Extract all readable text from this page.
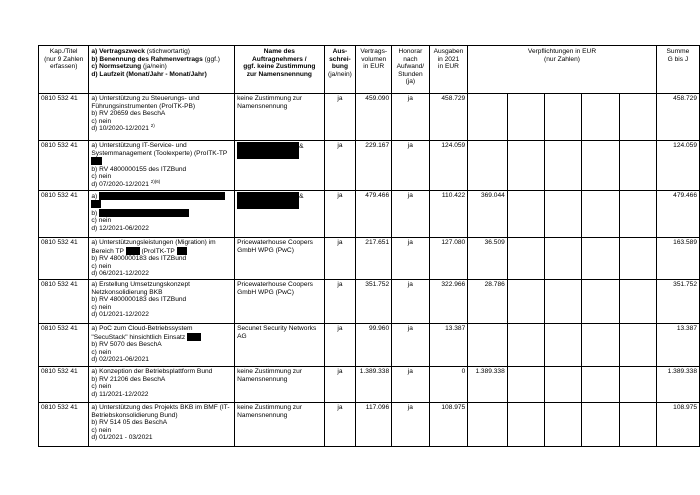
Kap./Titel
(nur 9 Zahlen
erfassen)	a) Vertragszweck (stichwortartig)
b) Benennung des Rahmenvertrags (ggf.)
c) Normsetzung (ja/nein)
d) Laufzeit (Monat/Jahr - Monat/Jahr)	Name des
Auftragnehmers /
ggf. keine Zustimmung
zur Namensnennung	Aus-
schrei-
bung
(ja/nein)	Vertrags-
volumen
in EUR	Honorar
nach
Aufwand/
Stunden
(ja)	Ausgaben
in 2021
in EUR	Verpflichtungen in EUR
(nur Zahlen)					Summe
G bis J

0810 532 41	a) Unterstützung zu Steuerungs- und
Führungsinstrumenten (ProITK-PB)
b) RV 20659 des BeschA
c) nein
d) 10/2020-12/2021 $^{2)}$	keine Zustimmung zur
Namensnennung	ja	459.090	ja	458.729						458.729
0810 532 41	a) Unterstützung IT-Service- und
Systemmanagement (Toolexperte) (ProITK-TP
b) RV 4800000155 des ITZBund
c) nein
d) 07/2020-12/2021 $^{2)(6)}$	&	ja	229.167	ja	124.059						124.059
0810 532 41	a)
b)
c) nein
d) 12/2021-06/2022	&	ja	479.466	ja	110.422	369.044					479.466
0810 532 41	a) Unterstützungsleistungen (Migration) im
Bereich TP  (ProITK-TP
b) RV 4800000183 des ITZBund
c) nein
d) 06/2021-12/2022	Pricewaterhouse Coopers
GmbH WPG (PwC)	ja	217.651	ja	127.080	36.509					163.589
0810 532 41	a) Erstellung Umsetzungskonzept
Netzkonsolidierung BKB
b) RV 4800000183 des ITZBund
c) nein
d) 01/2021-12/2022	Pricewaterhouse Coopers
GmbH WPG (PwC)	ja	351.752	ja	322.966	28.786					351.752
0810 532 41	a) PoC zum Cloud-Betriebssystem
"SecuStack" hinsichtlich Einsatz
b) RV 5070 des BeschA
c) nein
d) 02/2021-06/2021	Secunet Security Networks
AG	ja	99.960	ja	13.387						13.387
0810 532 41	a) Konzeption der Betriebsplattform Bund
b) RV 21206 des BeschA
c) nein
d) 11/2021-12/2022	keine Zustimmung zur
Namensnennung	ja	1.389.338	ja	0	1.389.338					1.389.338
0810 532 41	a) Unterstützung des Projekts BKB im BMF (IT-
Betriebskonsolidierung Bund)
b) RV 514 05 des BeschA
c) nein
d) 01/2021 - 03/2021	keine Zustimmung zur
Namensnennung	ja	117.096	ja	108.975						108.975
